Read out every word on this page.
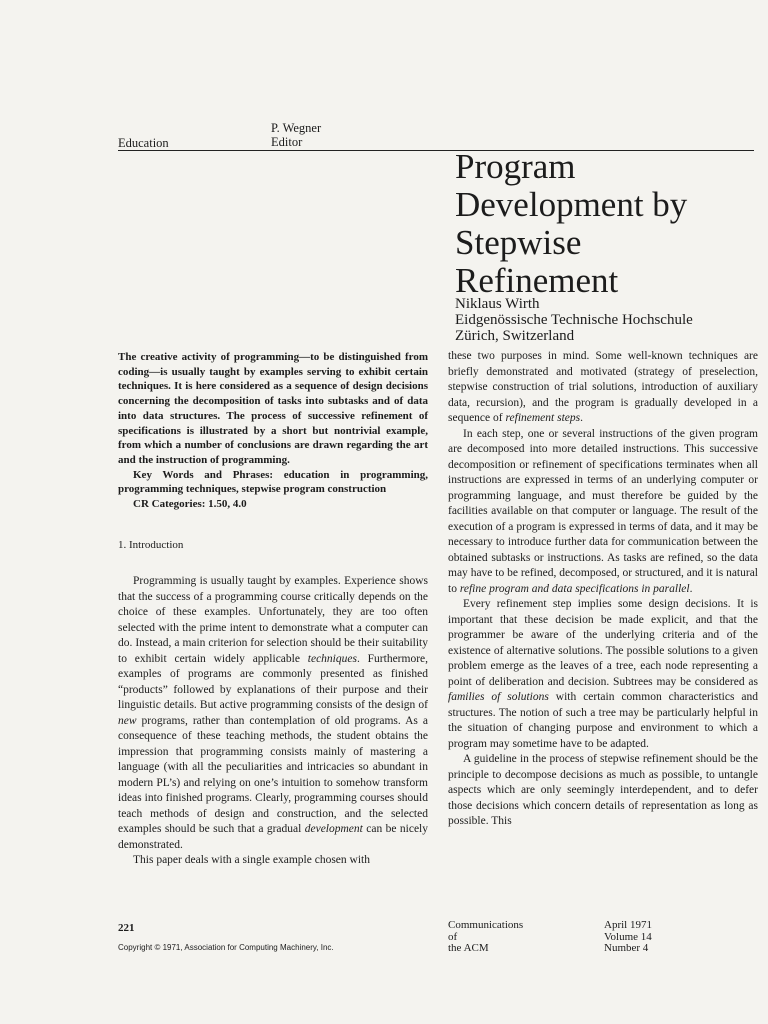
Education
P. Wegner
Editor
Program
Development by
Stepwise
Refinement
Niklaus Wirth
Eidgenössische Technische Hochschule
Zürich, Switzerland

The creative activity of programming—to be distinguished from coding—is usually taught by examples serving to exhibit certain techniques. It is here considered as a sequence of design decisions concerning the decomposition of tasks into subtasks and of data into data structures. The process of successive refinement of specifications is illustrated by a short but nontrivial example, from which a number of conclusions are drawn regarding the art and the instruction of programming.

Key Words and Phrases: education in programming, programming techniques, stepwise program construction

CR Categories: 1.50, 4.0

1. Introduction

Programming is usually taught by examples. Experience shows that the success of a programming course critically depends on the choice of these examples. Unfortunately, they are too often selected with the prime intent to demonstrate what a computer can do. Instead, a main criterion for selection should be their suitability to exhibit certain widely applicable techniques. Furthermore, examples of programs are commonly presented as finished “products” followed by explanations of their purpose and their linguistic details. But active programming consists of the design of new programs, rather than contemplation of old programs. As a consequence of these teaching methods, the student obtains the impression that programming consists mainly of mastering a language (with all the peculiarities and intricacies so abundant in modern PL’s) and relying on one’s intuition to somehow transform ideas into finished programs. Clearly, programming courses should teach methods of design and construction, and the selected examples should be such that a gradual development can be nicely demonstrated.

This paper deals with a single example chosen with

these two purposes in mind. Some well-known techniques are briefly demonstrated and motivated (strategy of preselection, stepwise construction of trial solutions, introduction of auxiliary data, recursion), and the program is gradually developed in a sequence of refinement steps.

In each step, one or several instructions of the given program are decomposed into more detailed instructions. This successive decomposition or refinement of specifications terminates when all instructions are expressed in terms of an underlying computer or programming language, and must therefore be guided by the facilities available on that computer or language. The result of the execution of a program is expressed in terms of data, and it may be necessary to introduce further data for communication between the obtained subtasks or instructions. As tasks are refined, so the data may have to be refined, decomposed, or structured, and it is natural to refine program and data specifications in parallel.

Every refinement step implies some design decisions. It is important that these decision be made explicit, and that the programmer be aware of the underlying criteria and of the existence of alternative solutions. The possible solutions to a given problem emerge as the leaves of a tree, each node representing a point of deliberation and decision. Subtrees may be considered as families of solutions with certain common characteristics and structures. The notion of such a tree may be particularly helpful in the situation of changing purpose and environment to which a program may sometime have to be adapted.

A guideline in the process of stepwise refinement should be the principle to decompose decisions as much as possible, to untangle aspects which are only seemingly interdependent, and to defer those decisions which concern details of representation as long as possible. This

221
Copyright © 1971, Association for Computing Machinery, Inc.
Communications
of
the ACM
April 1971
Volume 14
Number 4
